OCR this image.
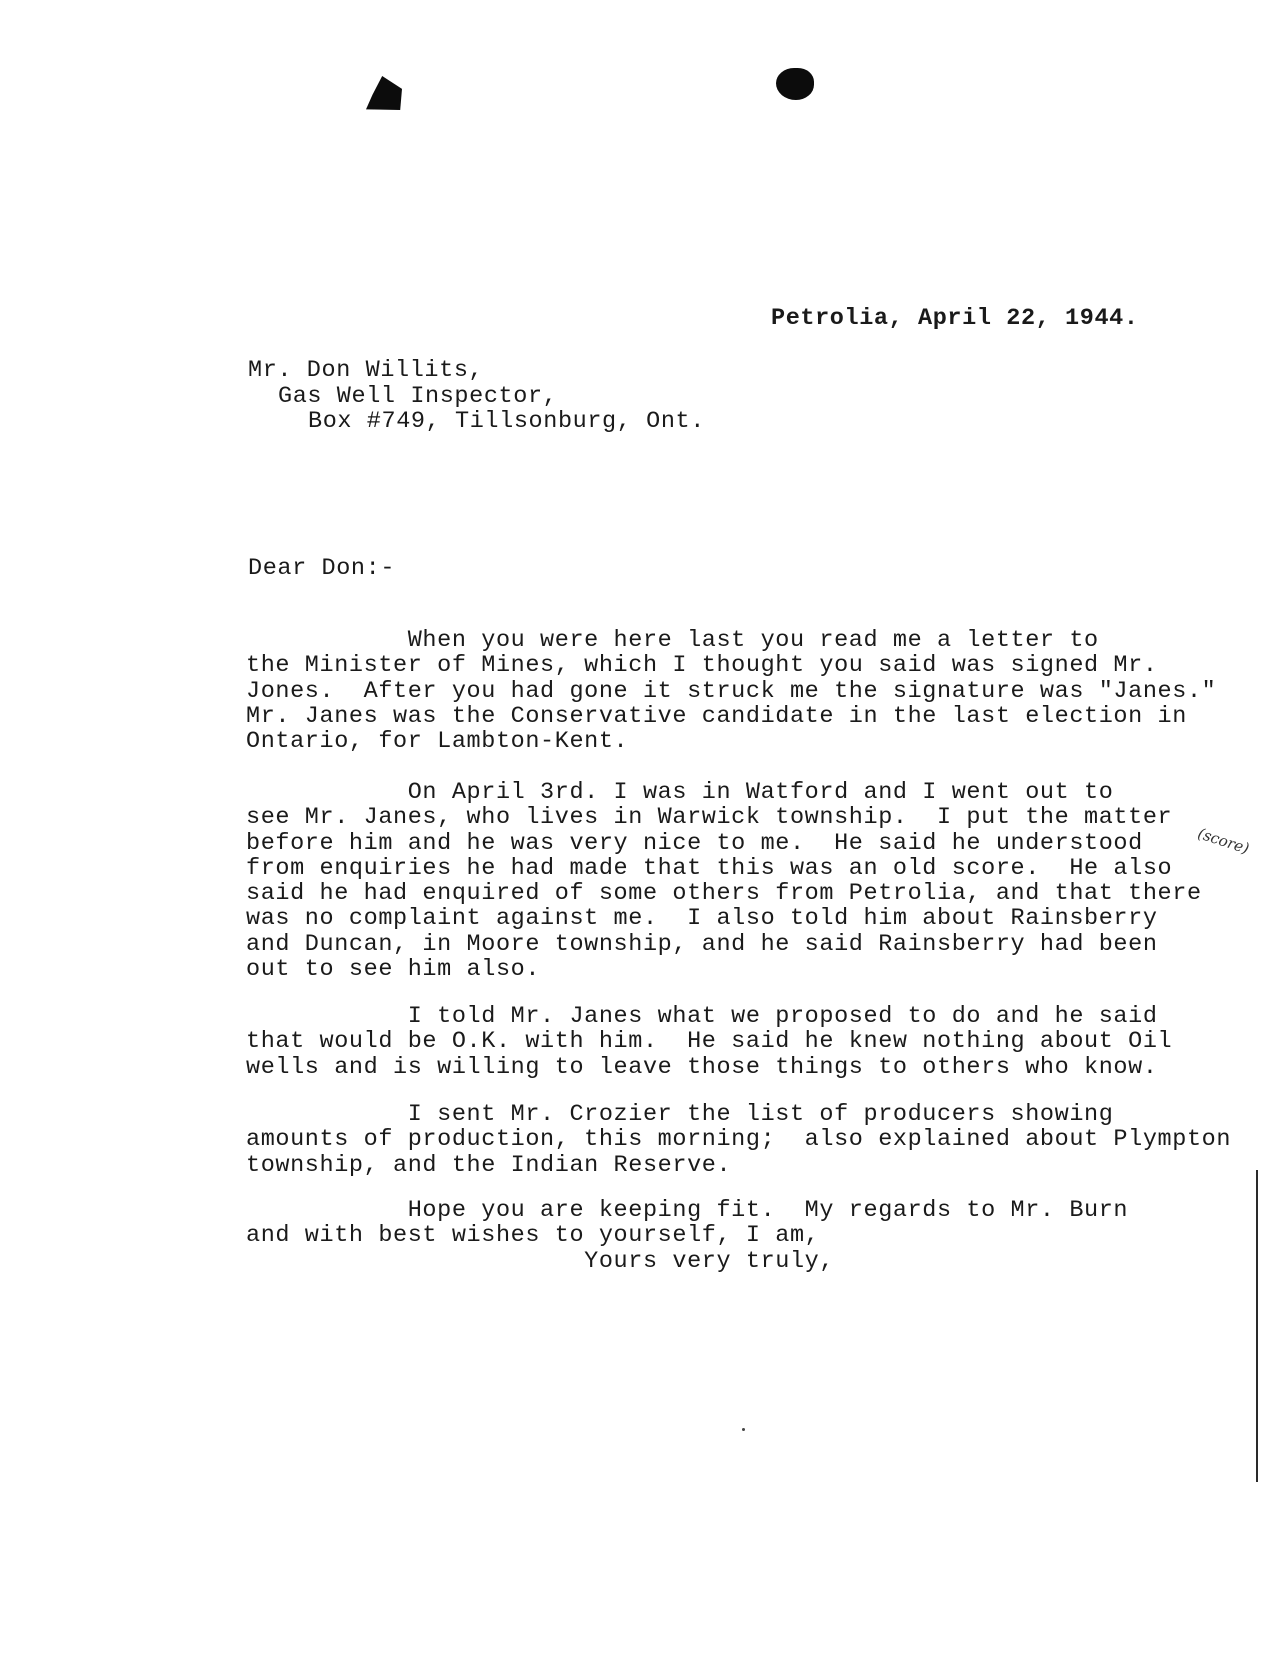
Petrolia, April 22, 1944.
Mr. Don Willits,
Gas Well Inspector,
Box #749, Tillsonburg, Ont.
Dear Don:-
When you were here last you read me a letter to
the Minister of Mines, which I thought you said was signed Mr.
Jones.  After you had gone it struck me the signature was "Janes."
Mr. Janes was the Conservative candidate in the last election in
Ontario, for Lambton-Kent.
On April 3rd. I was in Watford and I went out to
see Mr. Janes, who lives in Warwick township.  I put the matter
before him and he was very nice to me.  He said he understood
from enquiries he had made that this was an old score.  He also
said he had enquired of some others from Petrolia, and that there
was no complaint against me.  I also told him about Rainsberry
and Duncan, in Moore township, and he said Rainsberry had been
out to see him also.
I told Mr. Janes what we proposed to do and he said
that would be O.K. with him.  He said he knew nothing about Oil
wells and is willing to leave those things to others who know.
I sent Mr. Crozier the list of producers showing
amounts of production, this morning;  also explained about Plympton
township, and the Indian Reserve.
Hope you are keeping fit.  My regards to Mr. Burn
and with best wishes to yourself, I am,
Yours very truly,
(score)
